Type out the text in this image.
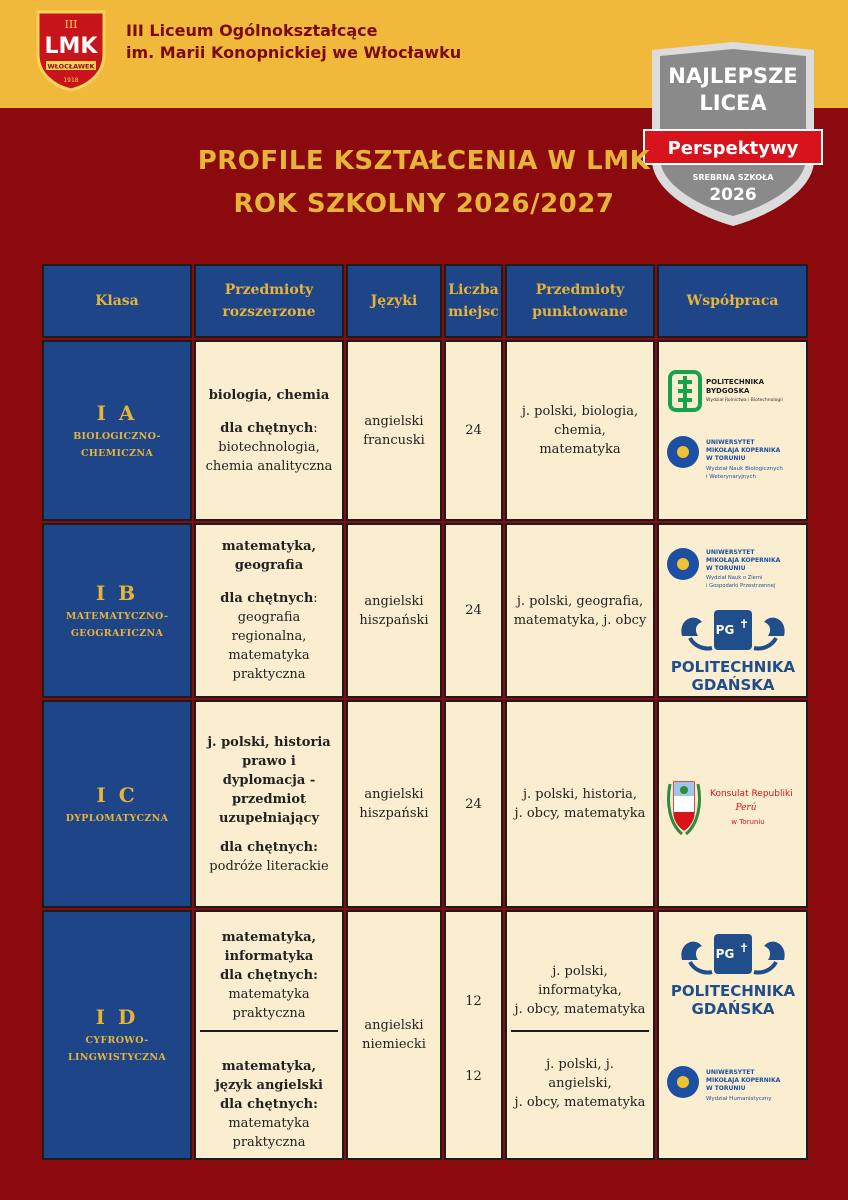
III
LMK
WŁOCŁAWEK
1918
III Liceum Ogólnokształcące
im. Marii Konopnickiej we Włocławku
NAJLEPSZE
LICEA
Perspektywy
SREBRNA SZKOŁA
2026
PROFILE KSZTAŁCENIA W LMK
ROK SZKOLNY 2026/2027
Klasa
Przedmioty
rozszerzone
Języki
Liczba
miejsc
Przedmioty
punktowane
Współpraca
I A
BIOLOGICZNO-
CHEMICZNA
biologia, chemia
dla chętnych:
biotechnologia, chemia analityczna
angielski
francuski
24
j. polski, biologia,
chemia, matematyka
POLITECHNIKA
BYDGOSKA
Wydział Rolnictwa i Biotechnologii
UNIWERSYTET
MIKOŁAJA KOPERNIKA
W TORUNIU
Wydział Nauk Biologicznych
i Weterynaryjnych
I B
MATEMATYCZNO-
GEOGRAFICZNA
matematyka, geografia
dla chętnych: geografia regionalna, matematyka praktyczna
angielski
hiszpański
24
j. polski, geografia,
matematyka, j. obcy
UNIWERSYTET
MIKOŁAJA KOPERNIKA
W TORUNIU
Wydział Nauk o Ziemi
i Gospodarki Przestrzennej
PG ✝
POLITECHNIKA
GDAŃSKA
I C
DYPLOMATYCZNA
j. polski, historia prawo i dyplomacja - przedmiot uzupełniający
dla chętnych: podróże literackie
angielski
hiszpański
24
j. polski, historia,
j. obcy, matematyka
Konsulat Republiki
Perú
w Toruniu
I D
CYFROWO-
LINGWISTYCZNA
matematyka,
informatyka
dla chętnych:
matematyka praktyczna
matematyka,
język angielski
dla chętnych:
matematyka praktyczna
angielski
niemiecki
12
12
j. polski,
informatyka,
j. obcy, matematyka
j. polski, j. angielski,
j. obcy, matematyka
PG ✝
POLITECHNIKA
GDAŃSKA
UNIWERSYTET
MIKOŁAJA KOPERNIKA
W TORUNIU
Wydział Humanistyczny
